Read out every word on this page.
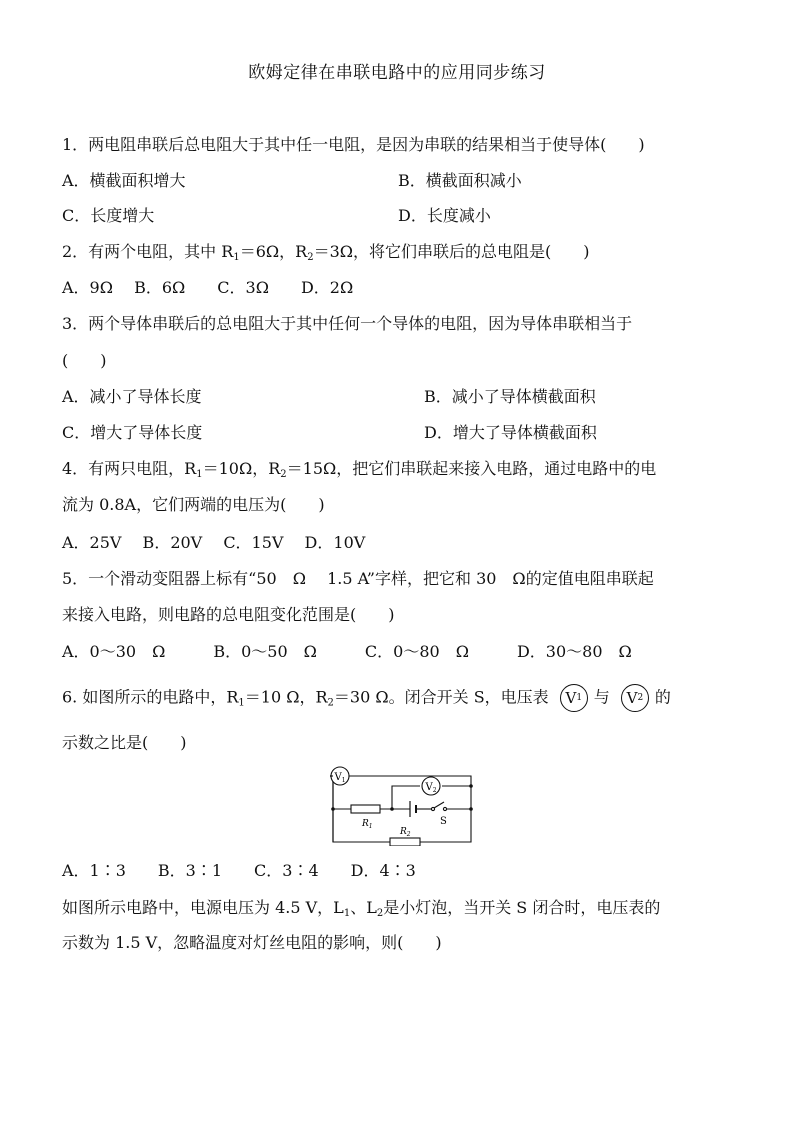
欧姆定律在串联电路中的应用同步练习
1．两电阻串联后总电阻大于其中任一电阻，是因为串联的结果相当于使导体(　　)
A．横截面积增大	B．横截面积减小
C．长度增大	D．长度减小
2．有两个电阻，其中 $R_1=6\Omega$，$R_2=3\Omega$，将它们串联后的总电阻是(　　)
A．9Ω　 B．6Ω　　C．3Ω　　D．2Ω
3．两个导体串联后的总电阻大于其中任何一个导体的电阻，因为导体串联相当于
(　　)
A．减小了导体长度	B．减小了导体横截面积
C．增大了导体长度	D．增大了导体横截面积
4．有两只电阻，$R_1=10\Omega$，$R_2=15\Omega$，把它们串联起来接入电路，通过电路中的电
流为 0.8A，它们两端的电压为(　　)
A．25V　 B．20V　 C．15V　 D．10V
5．一个滑动变阻器上标有“50　Ω　 1.5 A”字样，把它和 30　Ω的定值电阻串联起
来接入电路，则电路的总电阻变化范围是(　　)
A．0～30　Ω　　　B．0～50　Ω　　　C．0～80　Ω　　　D．30～80　Ω
6. 如图所示的电路中，$R_1=10$ Ω，$R_2=30$ Ω。闭合开关 S，电压表 V 1 与 V 2 的
示数之比是(　　)
$V_1$
$V_2$
$R_1$
$R_2$
S
A．1∶3　　B．3∶1　　C．3∶4　　D．4∶3
如图所示电路中，电源电压为 4.5 V，$L_1$、$L_2$是小灯泡，当开关 S 闭合时，电压表的
示数为 1.5 V，忽略温度对灯丝电阻的影响，则(　　)
